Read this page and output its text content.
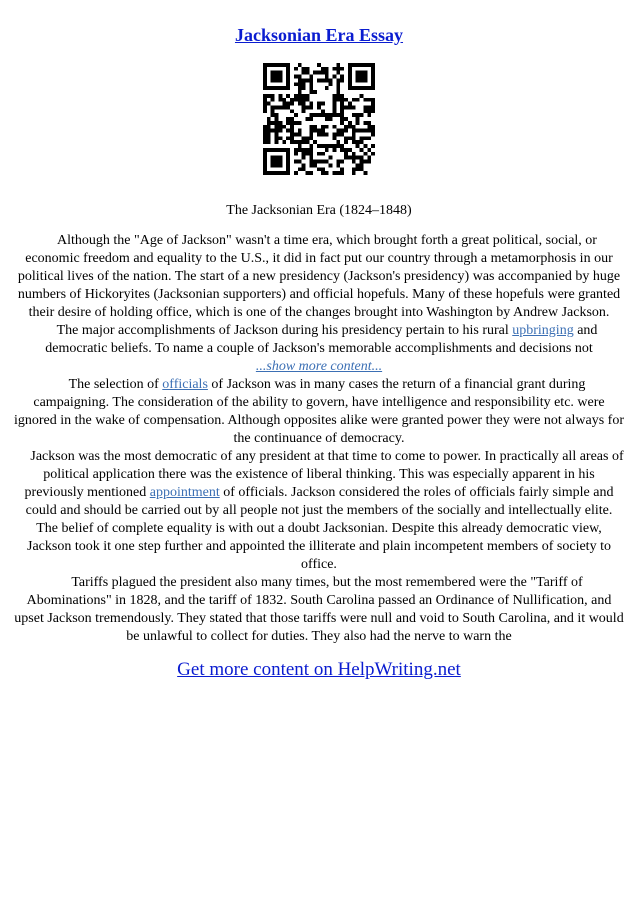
Jacksonian Era Essay
The Jacksonian Era (1824–1848)

Although the "Age of Jackson" wasn't a time era, which brought forth a great political, social, or economic freedom and equality to the U.S., it did in fact put our country through a metamorphosis in our political lives of the nation. The start of a new presidency (Jackson's presidency) was accompanied by huge numbers of Hickoryites (Jacksonian supporters) and official hopefuls. Many of these hopefuls were granted their desire of holding office, which is one of the changes brought into Washington by Andrew Jackson.

The major accomplishments of Jackson during his presidency pertain to his rural upbringing and democratic beliefs. To name a couple of Jackson's memorable accomplishments and decisions not
...show more content...

The selection of officials of Jackson was in many cases the return of a financial grant during campaigning. The consideration of the ability to govern, have intelligence and responsibility etc. were ignored in the wake of compensation. Although opposites alike were granted power they were not always for the continuance of democracy.

Jackson was the most democratic of any president at that time to come to power. In practically all areas of political application there was the existence of liberal thinking. This was especially apparent in his previously mentioned appointment of officials. Jackson considered the roles of officials fairly simple and could and should be carried out by all people not just the members of the socially and intellectually elite. The belief of complete equality is with out a doubt Jacksonian. Despite this already democratic view, Jackson took it one step further and appointed the illiterate and plain incompetent members of society to office.

Tariffs plagued the president also many times, but the most remembered were the "Tariff of Abominations" in 1828, and the tariff of 1832. South Carolina passed an Ordinance of Nullification, and upset Jackson tremendously. They stated that those tariffs were null and void to South Carolina, and it would be unlawful to collect for duties. They also had the nerve to warn the

Get more content on HelpWriting.net
